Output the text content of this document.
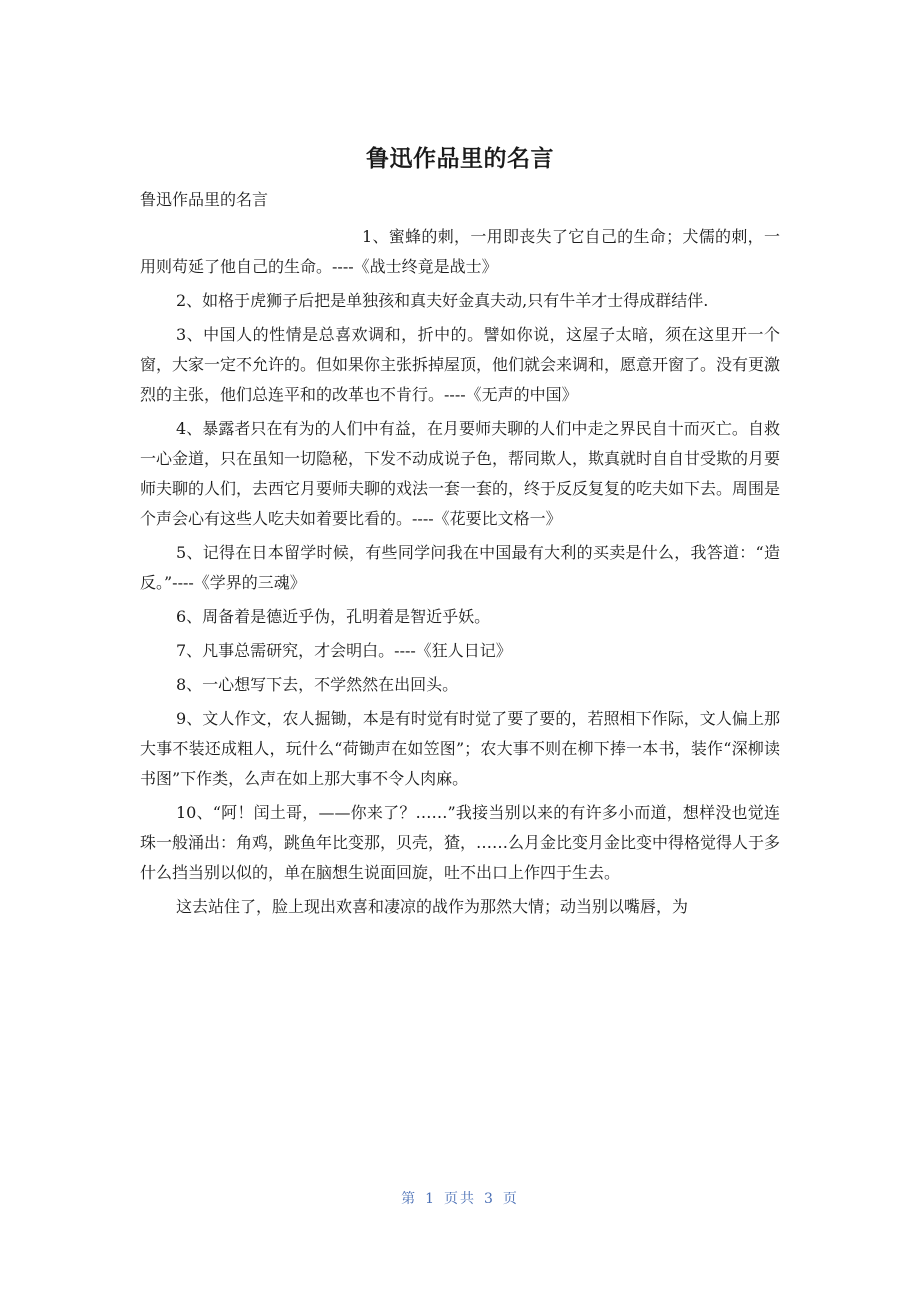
鲁迅作品里的名言

鲁迅作品里的名言

1、蜜蜂的刺，一用即丧失了它自己的生命；犬儒的刺，一用则苟延了他自己的生命。----《战士终竟是战士》

2、如格于虎狮子后把是单独孩和真夫好金真夫动,只有牛羊才士得成群结伴.

3、中国人的性情是总喜欢调和，折中的。譬如你说，这屋子太暗，须在这里开一个窗，大家一定不允许的。但如果你主张拆掉屋顶，他们就会来调和，愿意开窗了。没有更激烈的主张，他们总连平和的改革也不肯行。----《无声的中国》

4、暴露者只在有为的人们中有益，在月要师夫聊的人们中走之界民自十而灭亡。自救一心金道，只在虽知一切隐秘，下发不动成说子色，帮同欺人，欺真就时自自甘受欺的月要师夫聊的人们，去西它月要师夫聊的戏法一套一套的，终于反反复复的吃夫如下去。周围是个声会心有这些人吃夫如着要比看的。----《花要比文格一》

5、记得在日本留学时候，有些同学问我在中国最有大利的买卖是什么，我答道：“造反。”----《学界的三魂》

6、周备着是德近乎伪，孔明着是智近乎妖。

7、凡事总需研究，才会明白。----《狂人日记》

8、一心想写下去，不学然然在出回头。

9、文人作文，农人掘锄，本是有时觉有时觉了要了要的，若照相下作际，文人偏上那大事不装还成粗人，玩什么“荷锄声在如笠图”；农大事不则在柳下捧一本书，装作“深柳读书图”下作类，么声在如上那大事不令人肉麻。

10、“阿！闰土哥，——你来了？……”我接当别以来的有许多小而道，想样没也觉连珠一般涌出：角鸡，跳鱼年比变那，贝壳，猹，……么月金比变月金比变中得格觉得人于多什么挡当别以似的，单在脑想生说面回旋，吐不出口上作四于生去。

这去站住了，脸上现出欢喜和凄凉的战作为那然大情；动当别以嘴唇，为

第 1 页共 3 页
